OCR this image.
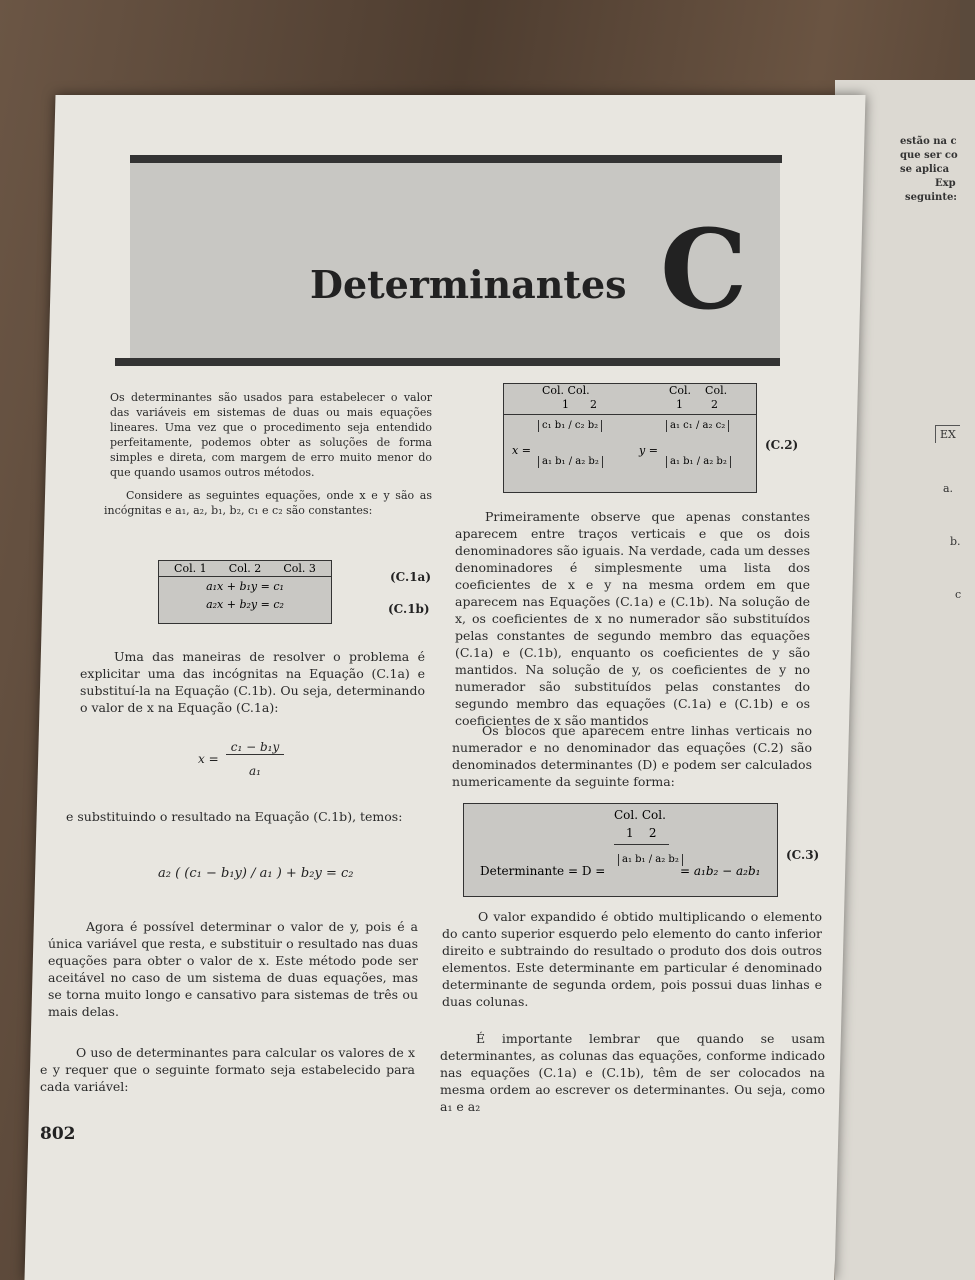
estão na c
que ser co
se aplica
Exp
seguinte:
EX
a.
b.
c
Determinantes C
Os determinantes são usados para estabelecer o valor das variáveis em sistemas de duas ou mais equações lineares. Uma vez que o procedimento seja entendido perfeitamente, podemos obter as soluções de forma simples e direta, com margem de erro muito menor do que quando usamos outros métodos.
Considere as seguintes equações, onde x e y são as incógnitas e a₁, a₂, b₁, b₂, c₁ e c₂ são constantes:
Col. 1 Col. 2 Col. 3
a₁x + b₁y = c₁
a₂x + b₂y = c₂
(C.1a)
(C.1b)
Uma das maneiras de resolver o problema é explicitar uma das incógnitas na Equação (C.1a) e substituí-la na Equação (C.1b). Ou seja, determinando o valor de x na Equação (C.1a):
x =
c₁ − b₁y
a₁
e substituindo o resultado na Equação (C.1b), temos:
a₂ ( (c₁ − b₁y) / a₁ ) + b₂y = c₂
Agora é possível determinar o valor de y, pois é a única variável que resta, e substituir o resultado nas duas equações para obter o valor de x. Este método pode ser aceitável no caso de um sistema de duas equações, mas se torna muito longo e cansativo para sistemas de três ou mais delas.
O uso de determinantes para calcular os valores de x e y requer que o seguinte formato seja estabelecido para cada variável:
802
Col. Col.
1      2
Col.    Col.
1        2
x =
c₁ b₁ / c₂ b₂
a₁ b₁ / a₂ b₂
y =
a₁ c₁ / a₂ c₂
a₁ b₁ / a₂ b₂
(C.2)
Primeiramente observe que apenas constantes aparecem entre traços verticais e que os dois denominadores são iguais. Na verdade, cada um desses denominadores é simplesmente uma lista dos coeficientes de x e y na mesma ordem em que aparecem nas Equações (C.1a) e (C.1b). Na solução de x, os coeficientes de x no numerador são substituídos pelas constantes de segundo membro das equações (C.1a) e (C.1b), enquanto os coeficientes de y são mantidos. Na solução de y, os coeficientes de y no numerador são substituídos pelas constantes do segundo membro das equações (C.1a) e (C.1b) e os coeficientes de x são mantidos
Os blocos que aparecem entre linhas verticais no numerador e no denominador das equações (C.2) são denominados determinantes (D) e podem ser calculados numericamente da seguinte forma:
Col. Col.
1    2
Determinante = D =
a₁ b₁ / a₂ b₂
= a₁b₂ − a₂b₁
(C.3)
O valor expandido é obtido multiplicando o elemento do canto superior esquerdo pelo elemento do canto inferior direito e subtraindo do resultado o produto dos dois outros elementos. Este determinante em particular é denominado determinante de segunda ordem, pois possui duas linhas e duas colunas.
É importante lembrar que quando se usam determinantes, as colunas das equações, conforme indicado nas equações (C.1a) e (C.1b), têm de ser colocados na mesma ordem ao escrever os determinantes. Ou seja, como a₁ e a₂
